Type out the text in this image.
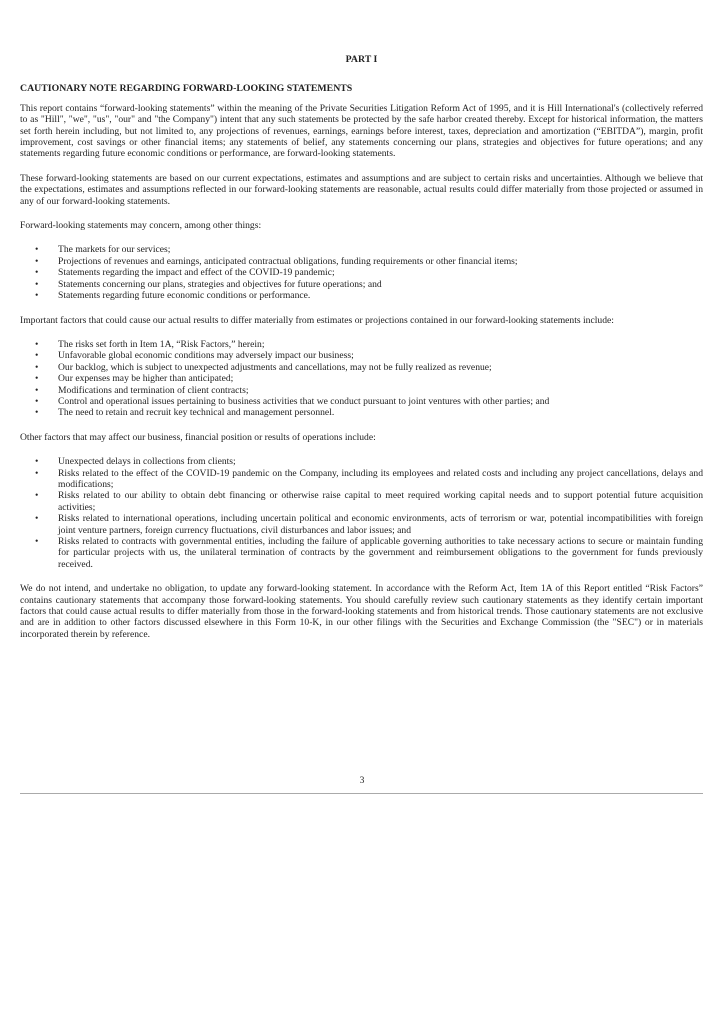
PART I
CAUTIONARY NOTE REGARDING FORWARD-LOOKING STATEMENTS

This report contains “forward-looking statements” within the meaning of the Private Securities Litigation Reform Act of 1995, and it is Hill International's (collectively referred to as "Hill", "we", "us", "our" and "the Company") intent that any such statements be protected by the safe harbor created thereby. Except for historical information, the matters set forth herein including, but not limited to, any projections of revenues, earnings, earnings before interest, taxes, depreciation and amortization (“EBITDA”), margin, profit improvement, cost savings or other financial items; any statements of belief, any statements concerning our plans, strategies and objectives for future operations; and any statements regarding future economic conditions or performance, are forward-looking statements.

These forward-looking statements are based on our current expectations, estimates and assumptions and are subject to certain risks and uncertainties. Although we believe that the expectations, estimates and assumptions reflected in our forward-looking statements are reasonable, actual results could differ materially from those projected or assumed in any of our forward-looking statements.

Forward-looking statements may concern, among other things:

• The markets for our services;
• Projections of revenues and earnings, anticipated contractual obligations, funding requirements or other financial items;
• Statements regarding the impact and effect of the COVID-19 pandemic;
• Statements concerning our plans, strategies and objectives for future operations; and
• Statements regarding future economic conditions or performance.

Important factors that could cause our actual results to differ materially from estimates or projections contained in our forward-looking statements include:

• The risks set forth in Item 1A, “Risk Factors,” herein;
• Unfavorable global economic conditions may adversely impact our business;
• Our backlog, which is subject to unexpected adjustments and cancellations, may not be fully realized as revenue;
• Our expenses may be higher than anticipated;
• Modifications and termination of client contracts;
• Control and operational issues pertaining to business activities that we conduct pursuant to joint ventures with other parties; and
• The need to retain and recruit key technical and management personnel.

Other factors that may affect our business, financial position or results of operations include:

• Unexpected delays in collections from clients;
• Risks related to the effect of the COVID-19 pandemic on the Company, including its employees and related costs and including any project cancellations, delays and modifications;
• Risks related to our ability to obtain debt financing or otherwise raise capital to meet required working capital needs and to support potential future acquisition activities;
• Risks related to international operations, including uncertain political and economic environments, acts of terrorism or war, potential incompatibilities with foreign joint venture partners, foreign currency fluctuations, civil disturbances and labor issues; and
• Risks related to contracts with governmental entities, including the failure of applicable governing authorities to take necessary actions to secure or maintain funding for particular projects with us, the unilateral termination of contracts by the government and reimbursement obligations to the government for funds previously received.

We do not intend, and undertake no obligation, to update any forward-looking statement. In accordance with the Reform Act, Item 1A of this Report entitled “Risk Factors” contains cautionary statements that accompany those forward-looking statements. You should carefully review such cautionary statements as they identify certain important factors that could cause actual results to differ materially from those in the forward-looking statements and from historical trends. Those cautionary statements are not exclusive and are in addition to other factors discussed elsewhere in this Form 10-K, in our other filings with the Securities and Exchange Commission (the "SEC") or in materials incorporated therein by reference.

3
